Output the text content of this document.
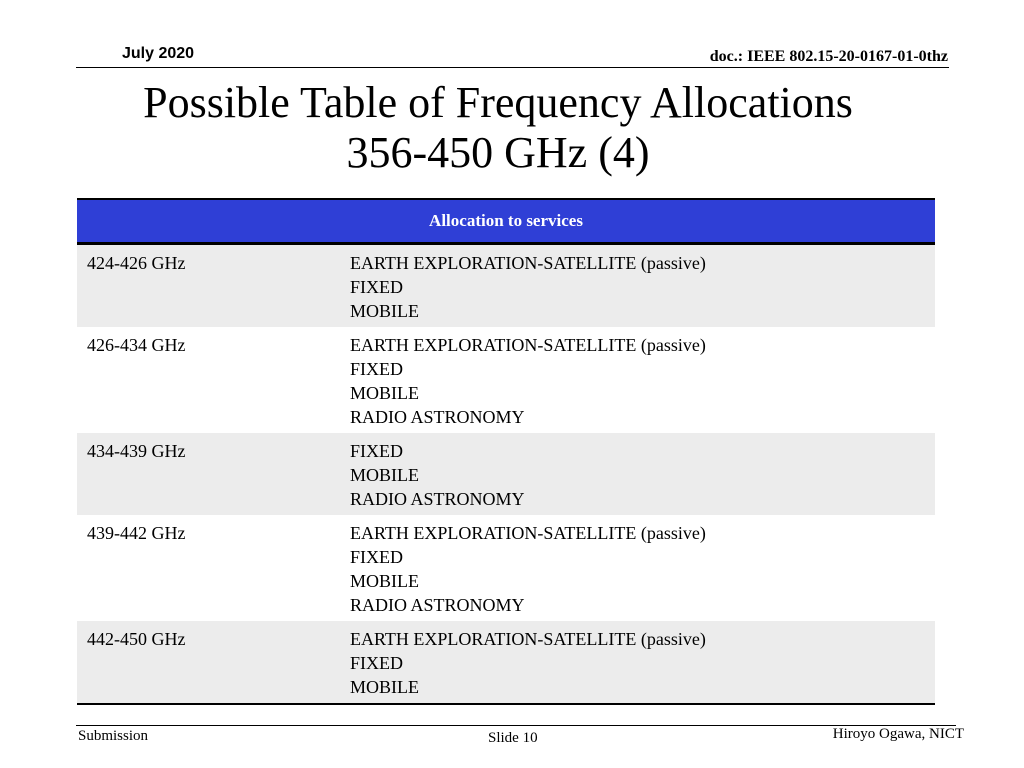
July 2020	doc.: IEEE 802.15-20-0167-01-0thz
Possible Table of Frequency Allocations
356-450 GHz (4)
Allocation to services	
424-426 GHz	EARTH EXPLORATION-SATELLITE (passive)
FIXED
MOBILE

426-434 GHz	EARTH EXPLORATION-SATELLITE (passive)
FIXED
MOBILE
RADIO ASTRONOMY

434-439 GHz	FIXED
MOBILE
RADIO ASTRONOMY

439-442 GHz	EARTH EXPLORATION-SATELLITE (passive)
FIXED
MOBILE
RADIO ASTRONOMY

442-450 GHz	EARTH EXPLORATION-SATELLITE (passive)
FIXED
MOBILE
Submission	Slide 10	Hiroyo Ogawa, NICT
